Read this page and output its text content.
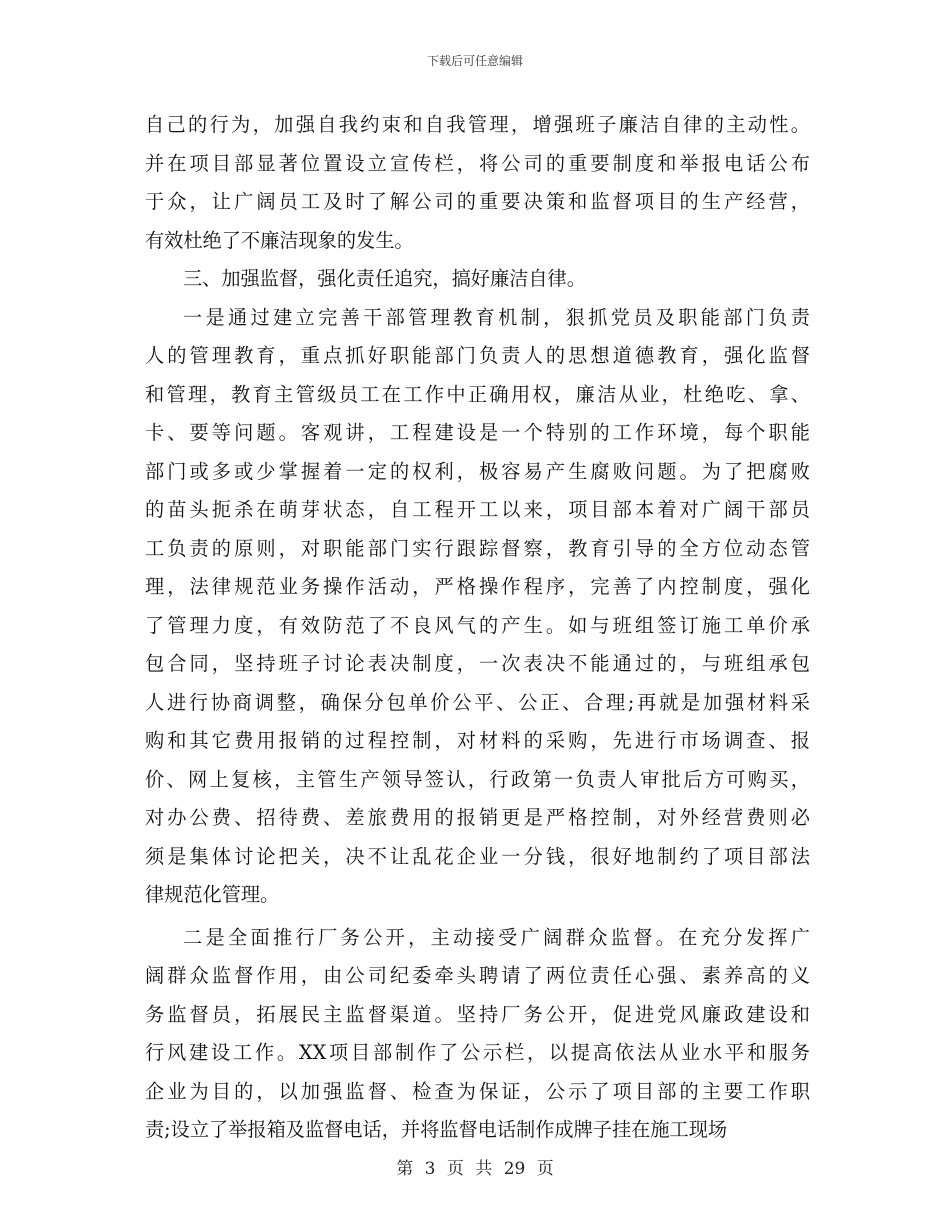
下载后可任意编辑
自己的行为，加强自我约束和自我管理，增强班子廉洁自律的主动性。
并在项目部显著位置设立宣传栏，将公司的重要制度和举报电话公布
于众，让广阔员工及时了解公司的重要决策和监督项目的生产经营，
有效杜绝了不廉洁现象的发生。
三、加强监督，强化责任追究，搞好廉洁自律。
一是通过建立完善干部管理教育机制，狠抓党员及职能部门负责
人的管理教育，重点抓好职能部门负责人的思想道德教育，强化监督
和管理，教育主管级员工在工作中正确用权，廉洁从业，杜绝吃、拿、
卡、要等问题。客观讲，工程建设是一个特别的工作环境，每个职能
部门或多或少掌握着一定的权利，极容易产生腐败问题。为了把腐败
的苗头扼杀在萌芽状态，自工程开工以来，项目部本着对广阔干部员
工负责的原则，对职能部门实行跟踪督察，教育引导的全方位动态管
理，法律规范业务操作活动，严格操作程序，完善了内控制度，强化
了管理力度，有效防范了不良风气的产生。如与班组签订施工单价承
包合同，坚持班子讨论表决制度，一次表决不能通过的，与班组承包
人进行协商调整，确保分包单价公平、公正、合理;再就是加强材料采
购和其它费用报销的过程控制，对材料的采购，先进行市场调查、报
价、网上复核，主管生产领导签认，行政第一负责人审批后方可购买，
对办公费、招待费、差旅费用的报销更是严格控制，对外经营费则必
须是集体讨论把关，决不让乱花企业一分钱，很好地制约了项目部法
律规范化管理。
二是全面推行厂务公开，主动接受广阔群众监督。在充分发挥广
阔群众监督作用，由公司纪委牵头聘请了两位责任心强、素养高的义
务监督员，拓展民主监督渠道。坚持厂务公开，促进党风廉政建设和
行风建设工作。XX项目部制作了公示栏，以提高依法从业水平和服务
企业为目的，以加强监督、检查为保证，公示了项目部的主要工作职
责;设立了举报箱及监督电话，并将监督电话制作成牌子挂在施工现场
第 3 页 共 29 页
